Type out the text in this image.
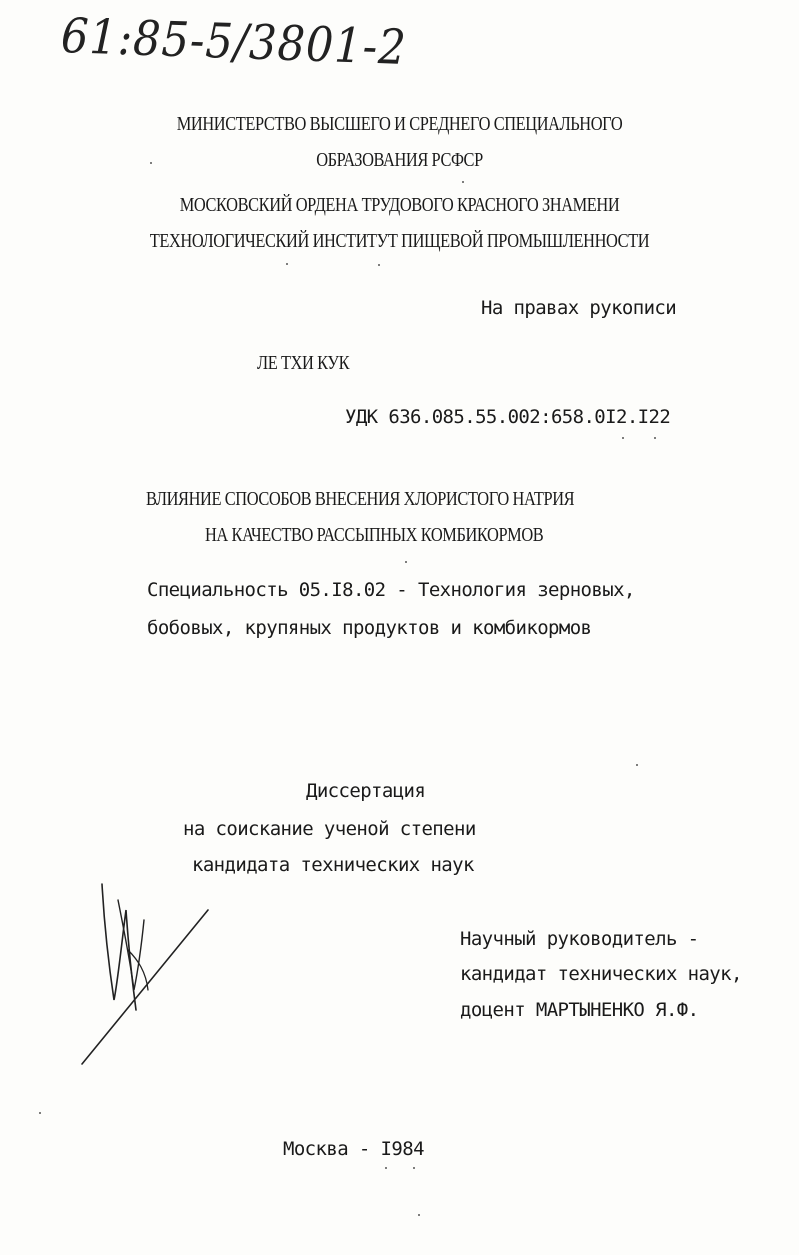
61:85-5/3801-2
МИНИСТЕРСТВО ВЫСШЕГО И СРЕДНЕГО СПЕЦИАЛЬНОГО
ОБРАЗОВАНИЯ РСФСР
МОСКОВСКИЙ ОРДЕНА ТРУДОВОГО КРАСНОГО ЗНАМЕНИ
ТЕХНОЛОГИЧЕСКИЙ ИНСТИТУТ ПИЩЕВОЙ ПРОМЫШЛЕННОСТИ
На правах рукописи
ЛЕ ТХИ КУК
УДК 636.085.55.002:658.0I2.I22
ВЛИЯНИЕ СПОСОБОВ ВНЕСЕНИЯ ХЛОРИСТОГО НАТРИЯ
НА КАЧЕСТВО РАССЫПНЫХ КОМБИКОРМОВ
Специальность 05.I8.02 - Технология зерновых,
бобовых, крупяных продуктов и комбикормов
Диссертация
на соискание ученой степени
кандидата технических наук
Научный руководитель -
кандидат технических наук,
доцент МАРТЫНЕНКО Я.Ф.
Москва - I984
